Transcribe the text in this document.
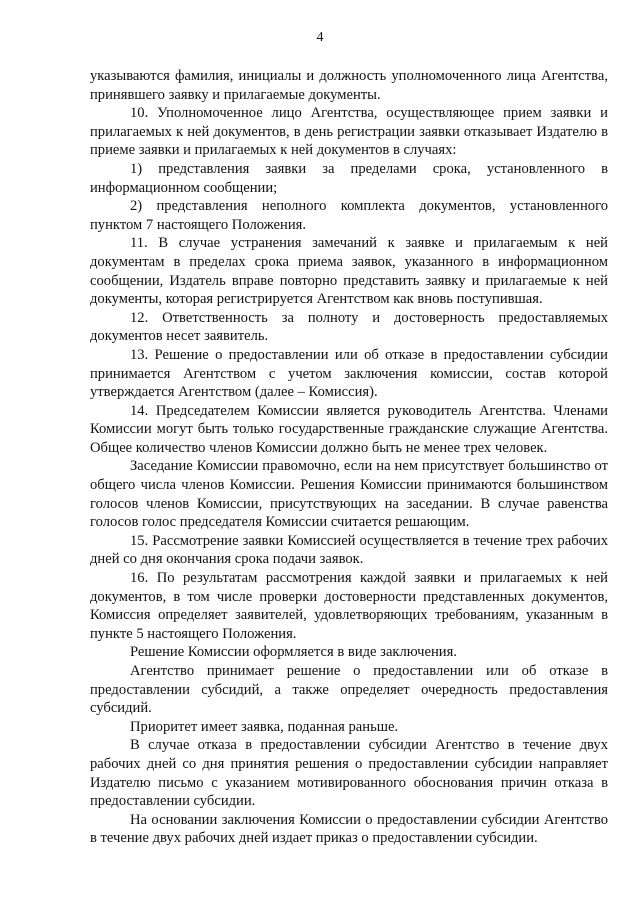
4

указываются фамилия, инициалы и должность уполномоченного лица Агентства, принявшего заявку и прилагаемые документы.

10. Уполномоченное лицо Агентства, осуществляющее прием заявки и прилагаемых к ней документов, в день регистрации заявки отказывает Издателю в приеме заявки и прилагаемых к ней документов в случаях:

1) представления заявки за пределами срока, установленного в информационном сообщении;

2) представления неполного комплекта документов, установленного пунктом 7 настоящего Положения.

11. В случае устранения замечаний к заявке и прилагаемым к ней документам в пределах срока приема заявок, указанного в информационном сообщении, Издатель вправе повторно представить заявку и прилагаемые к ней документы, которая регистрируется Агентством как вновь поступившая.

12. Ответственность за полноту и достоверность предоставляемых документов несет заявитель.

13. Решение о предоставлении или об отказе в предоставлении субсидии принимается Агентством с учетом заключения комиссии, состав которой утверждается Агентством (далее – Комиссия).

14. Председателем Комиссии является руководитель Агентства. Членами Комиссии могут быть только государственные гражданские служащие Агентства. Общее количество членов Комиссии должно быть не менее трех человек.

Заседание Комиссии правомочно, если на нем присутствует большинство от общего числа членов Комиссии. Решения Комиссии принимаются большинством голосов членов Комиссии, присутствующих на заседании. В случае равенства голосов голос председателя Комиссии считается решающим.

15. Рассмотрение заявки Комиссией осуществляется в течение трех рабочих дней со дня окончания срока подачи заявок.

16. По результатам рассмотрения каждой заявки и прилагаемых к ней документов, в том числе проверки достоверности представленных документов, Комиссия определяет заявителей, удовлетворяющих требованиям, указанным в пункте 5 настоящего Положения.

Решение Комиссии оформляется в виде заключения.

Агентство принимает решение о предоставлении или об отказе в предоставлении субсидий, а также определяет очередность предоставления субсидий.

Приоритет имеет заявка, поданная раньше.

В случае отказа в предоставлении субсидии Агентство в течение двух рабочих дней со дня принятия решения о предоставлении субсидии направляет Издателю письмо с указанием мотивированного обоснования причин отказа в предоставлении субсидии.

На основании заключения Комиссии о предоставлении субсидии Агентство в течение двух рабочих дней издает приказ о предоставлении субсидии.
